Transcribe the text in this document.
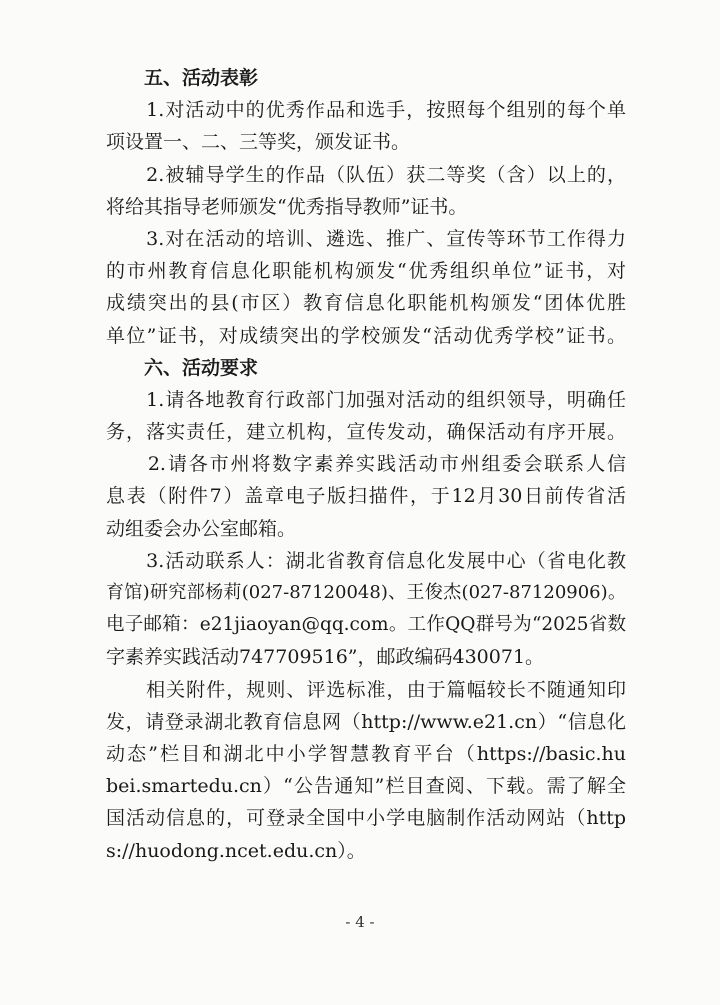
　　五、活动表彰
　　1.对活动中的优秀作品和选手，按照每个组别的每个单
项设置一、二、三等奖，颁发证书。
　　2.被辅导学生的作品（队伍）获二等奖（含）以上的，
将给其指导老师颁发“优秀指导教师”证书。
　　3.对在活动的培训、遴选、推广、宣传等环节工作得力
的市州教育信息化职能机构颁发“优秀组织单位”证书，对
成绩突出的县(市区）教育信息化职能机构颁发“团体优胜
单位”证书，对成绩突出的学校颁发“活动优秀学校”证书。
　　六、活动要求
　　1.请各地教育行政部门加强对活动的组织领导，明确任
务，落实责任，建立机构，宣传发动，确保活动有序开展。
　　2.请各市州将数字素养实践活动市州组委会联系人信
息表（附件7）盖章电子版扫描件，于12月30日前传省活
动组委会办公室邮箱。
　　3.活动联系人：湖北省教育信息化发展中心（省电化教
育馆)研究部杨莉(027-87120048)、王俊杰(027-87120906)。
电子邮箱：e21jiaoyan@qq.com。工作QQ群号为“2025省数
字素养实践活动747709516”，邮政编码430071。
　　相关附件，规则、评选标准，由于篇幅较长不随通知印
发，请登录湖北教育信息网（http://www.e21.cn）“信息化
动态”栏目和湖北中小学智慧教育平台（https://basic.hu
bei.smartedu.cn）“公告通知”栏目查阅、下载。需了解全
国活动信息的，可登录全国中小学电脑制作活动网站（http
s://huodong.ncet.edu.cn）。
- 4 -
